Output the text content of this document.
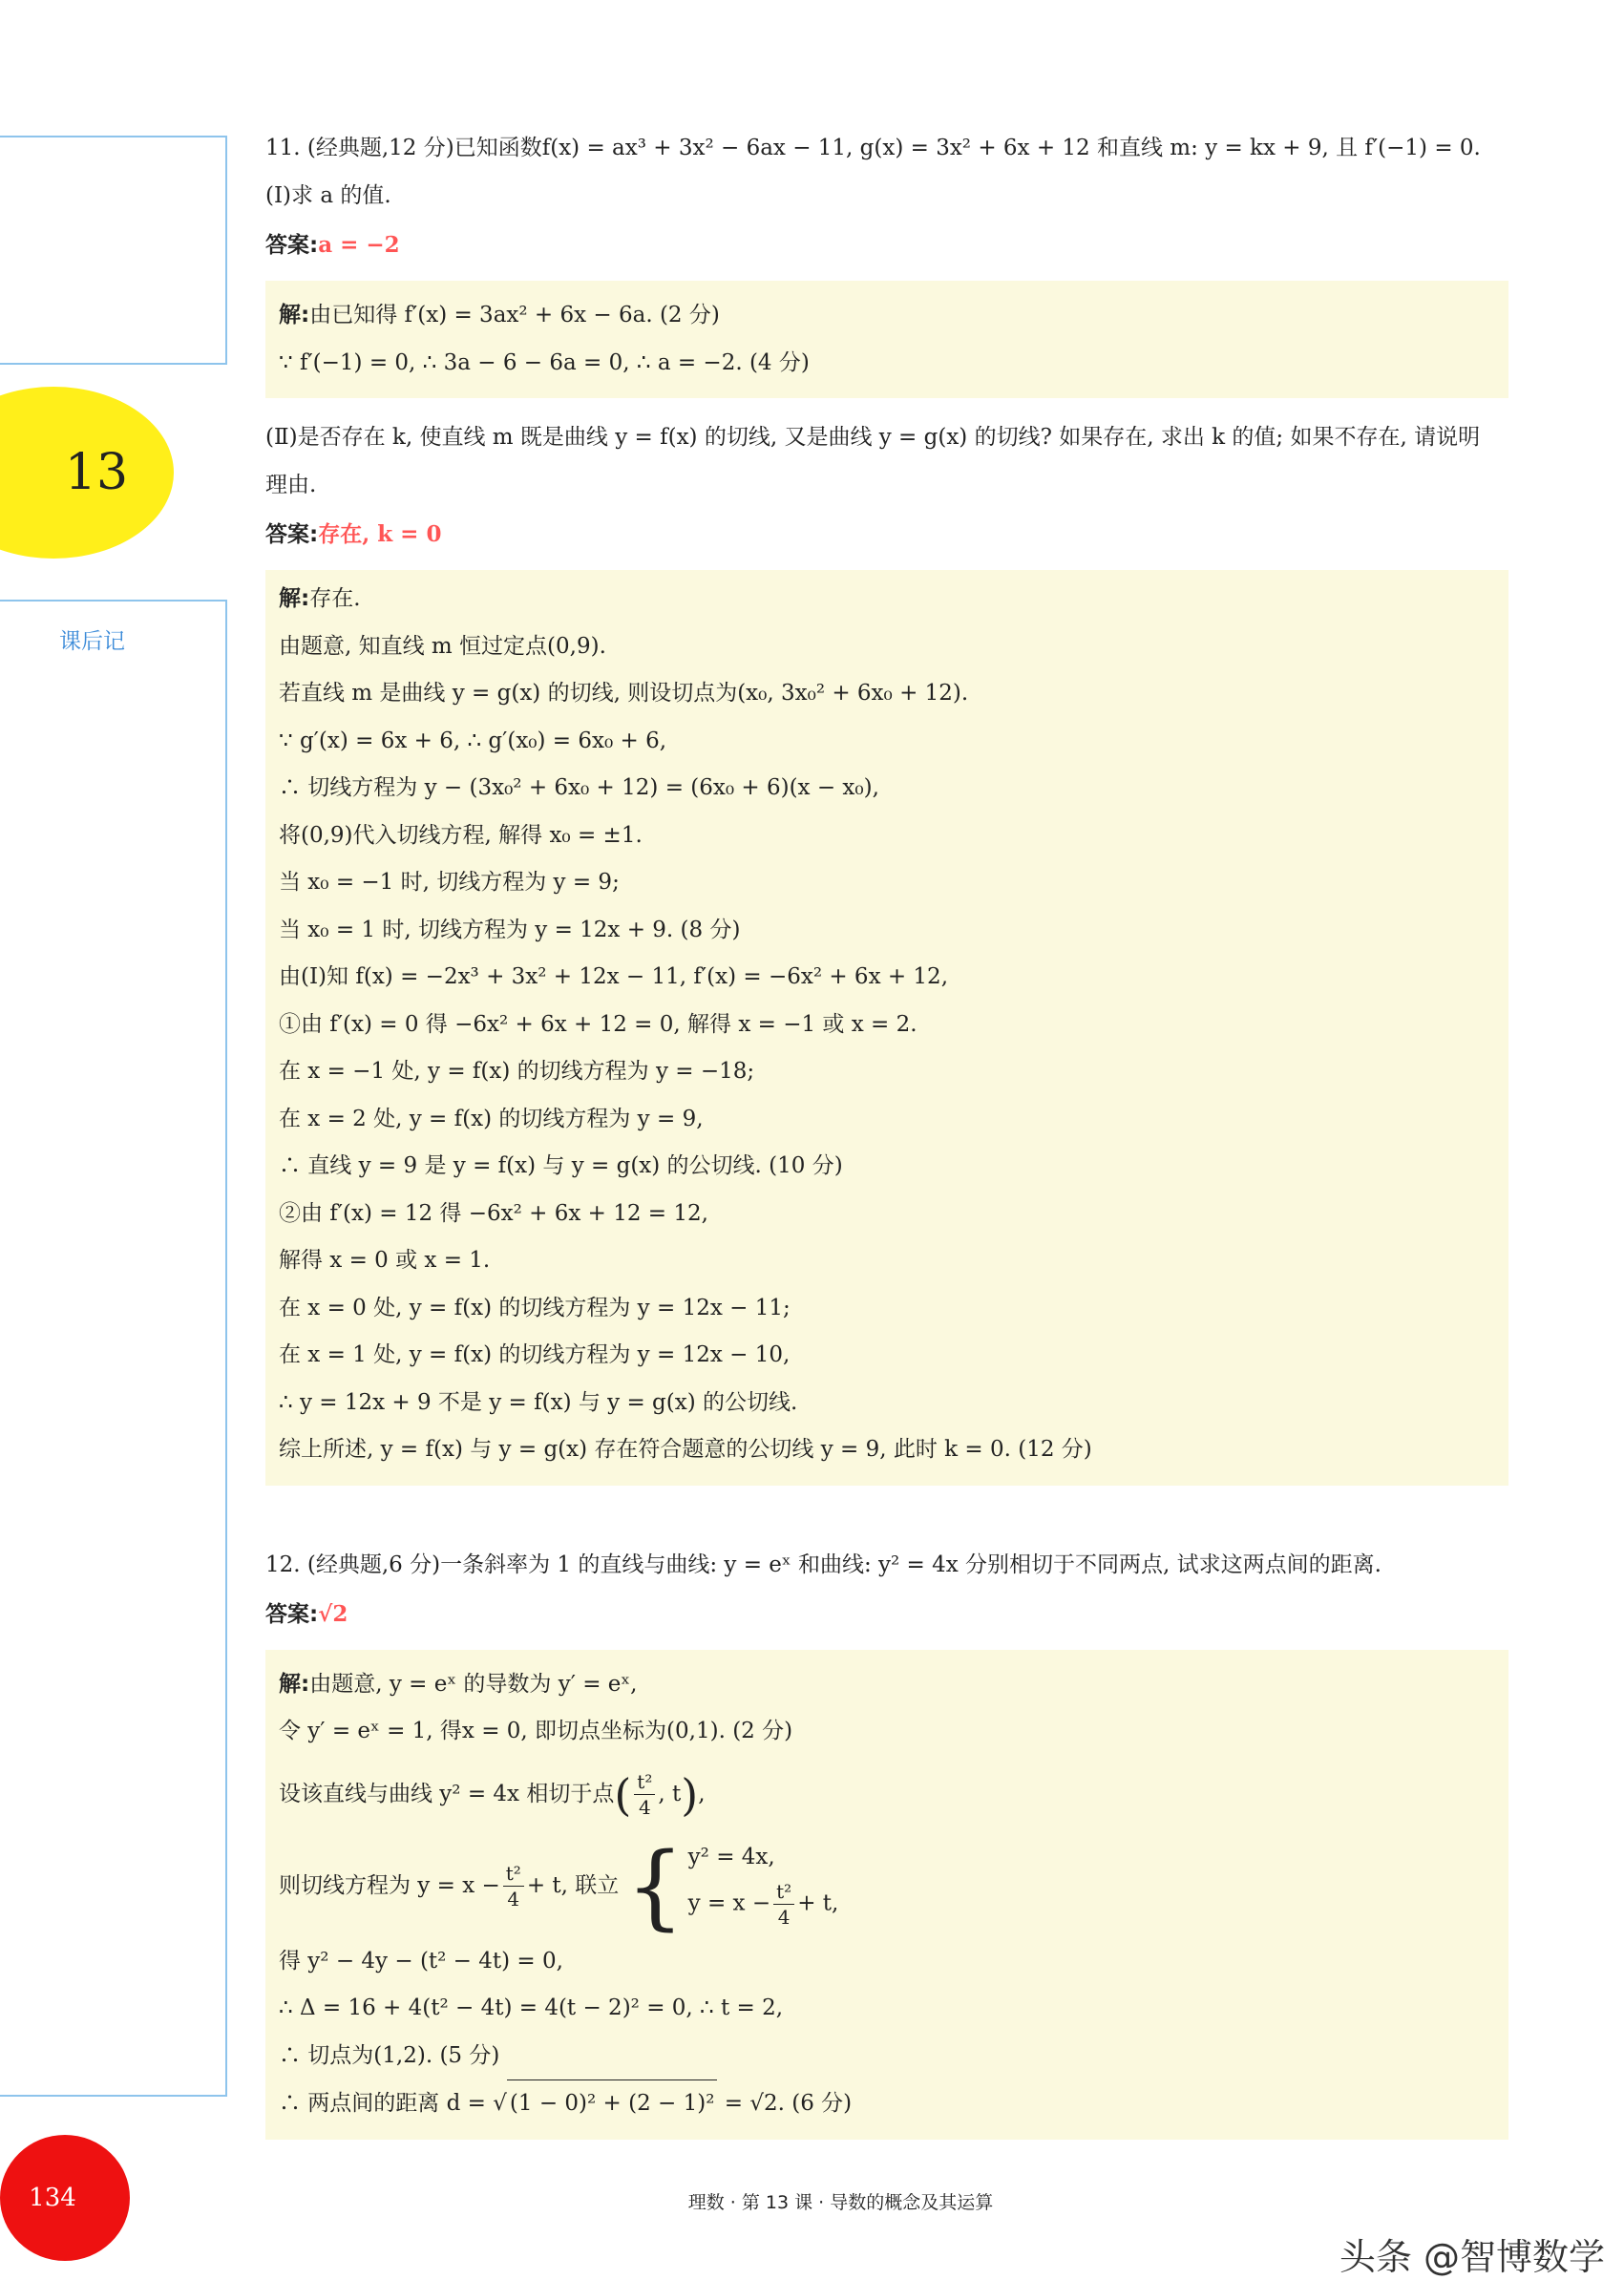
13
课后记
134
11. (经典题,12 分)已知函数f(x) = ax³ + 3x² − 6ax − 11, g(x) = 3x² + 6x + 12 和直线 m: y = kx + 9, 且 f′(−1) = 0.
(Ⅰ)求 a 的值.
答案:a = −2
解:由已知得 f′(x) = 3ax² + 6x − 6a. (2 分)
∵ f′(−1) = 0, ∴ 3a − 6 − 6a = 0, ∴ a = −2. (4 分)
(Ⅱ)是否存在 k, 使直线 m 既是曲线 y = f(x) 的切线, 又是曲线 y = g(x) 的切线? 如果存在, 求出 k 的值; 如果不存在, 请说明理由.
答案:存在, k = 0
解:存在.
由题意, 知直线 m 恒过定点(0,9).
若直线 m 是曲线 y = g(x) 的切线, 则设切点为(x₀, 3x₀² + 6x₀ + 12).
∵ g′(x) = 6x + 6, ∴ g′(x₀) = 6x₀ + 6,
∴ 切线方程为 y − (3x₀² + 6x₀ + 12) = (6x₀ + 6)(x − x₀),
将(0,9)代入切线方程, 解得 x₀ = ±1.
当 x₀ = −1 时, 切线方程为 y = 9;
当 x₀ = 1 时, 切线方程为 y = 12x + 9. (8 分)
由(Ⅰ)知 f(x) = −2x³ + 3x² + 12x − 11, f′(x) = −6x² + 6x + 12,
①由 f′(x) = 0 得 −6x² + 6x + 12 = 0, 解得 x = −1 或 x = 2.
在 x = −1 处, y = f(x) 的切线方程为 y = −18;
在 x = 2 处, y = f(x) 的切线方程为 y = 9,
∴ 直线 y = 9 是 y = f(x) 与 y = g(x) 的公切线. (10 分)
②由 f′(x) = 12 得 −6x² + 6x + 12 = 12,
解得 x = 0 或 x = 1.
在 x = 0 处, y = f(x) 的切线方程为 y = 12x − 11;
在 x = 1 处, y = f(x) 的切线方程为 y = 12x − 10,
∴ y = 12x + 9 不是 y = f(x) 与 y = g(x) 的公切线.
综上所述, y = f(x) 与 y = g(x) 存在符合题意的公切线 y = 9, 此时 k = 0. (12 分)
12. (经典题,6 分)一条斜率为 1 的直线与曲线: y = eˣ 和曲线: y² = 4x 分别相切于不同两点, 试求这两点间的距离.
答案:√2
解:由题意, y = eˣ 的导数为 y′ = eˣ,
令 y′ = eˣ = 1, 得x = 0, 即切点坐标为(0,1). (2 分)
设该直线与曲线 y² = 4x 相切于点( $\frac{\text{t²}}{4}$ , t),
则切线方程为 $y = x - \frac{\text{t²}}{4} + t$, 联立 { y² = 4x,
$y = x - \frac{\text{t²}}{4} + t$,
得 y² − 4y − (t² − 4t) = 0,
∴ Δ = 16 + 4(t² − 4t) = 4(t − 2)² = 0, ∴ t = 2,
∴ 切点为(1,2). (5 分)
∴ 两点间的距离 d = √ (1 − 0)² + (2 − 1)² = √2. (6 分)
理数 · 第 13 课 · 导数的概念及其运算
头条 @智博数学
